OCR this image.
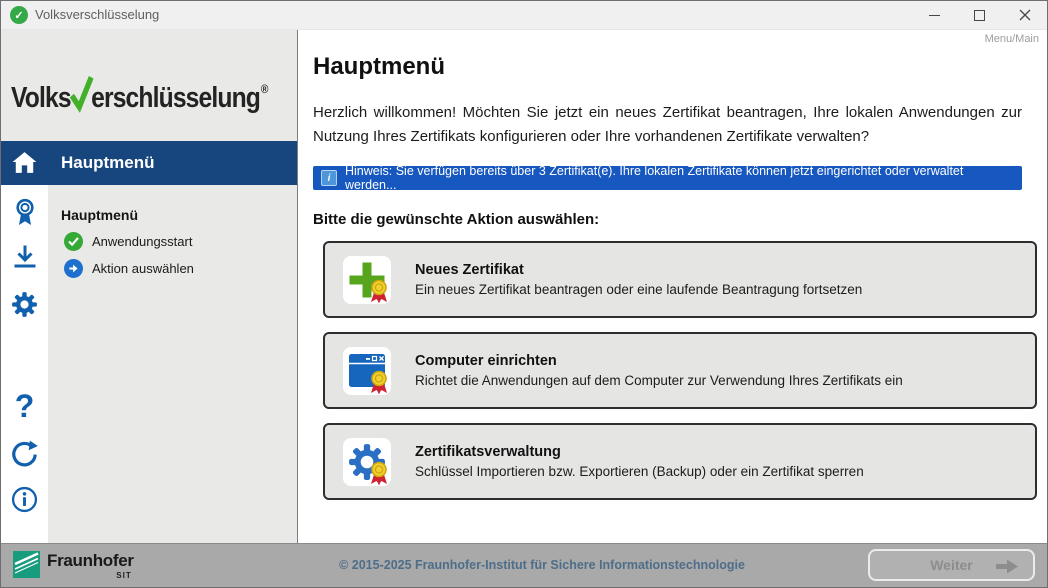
✓ Volksverschlüsselung
Volks erschlüsselung®
Hauptmenü
?
Hauptmenü
Anwendungsstart
Aktion auswählen
Menu/Main
Hauptmenü

Herzlich willkommen! Möchten Sie jetzt ein neues Zertifikat beantragen, Ihre lokalen Anwendungen zur Nutzung Ihres Zertifikats konfigurieren oder Ihre vorhandenen Zertifikate verwalten?

i	Hinweis: Sie verfügen bereits über 3 Zertifikat(e). Ihre lokalen Zertifikate können jetzt eingerichtet oder verwaltet werden...
Bitte die gewünschte Aktion auswählen:
Neues Zertifikat
Ein neues Zertifikat beantragen oder eine laufende Beantragung fortsetzen
Computer einrichten
Richtet die Anwendungen auf dem Computer zur Verwendung Ihres Zertifikats ein
Zertifikatsverwaltung
Schlüssel Importieren bzw. Exportieren (Backup) oder ein Zertifikat sperren
Fraunhofer
SIT
© 2015-2025 Fraunhofer-Institut für Sichere Informationstechnologie	Weiter
